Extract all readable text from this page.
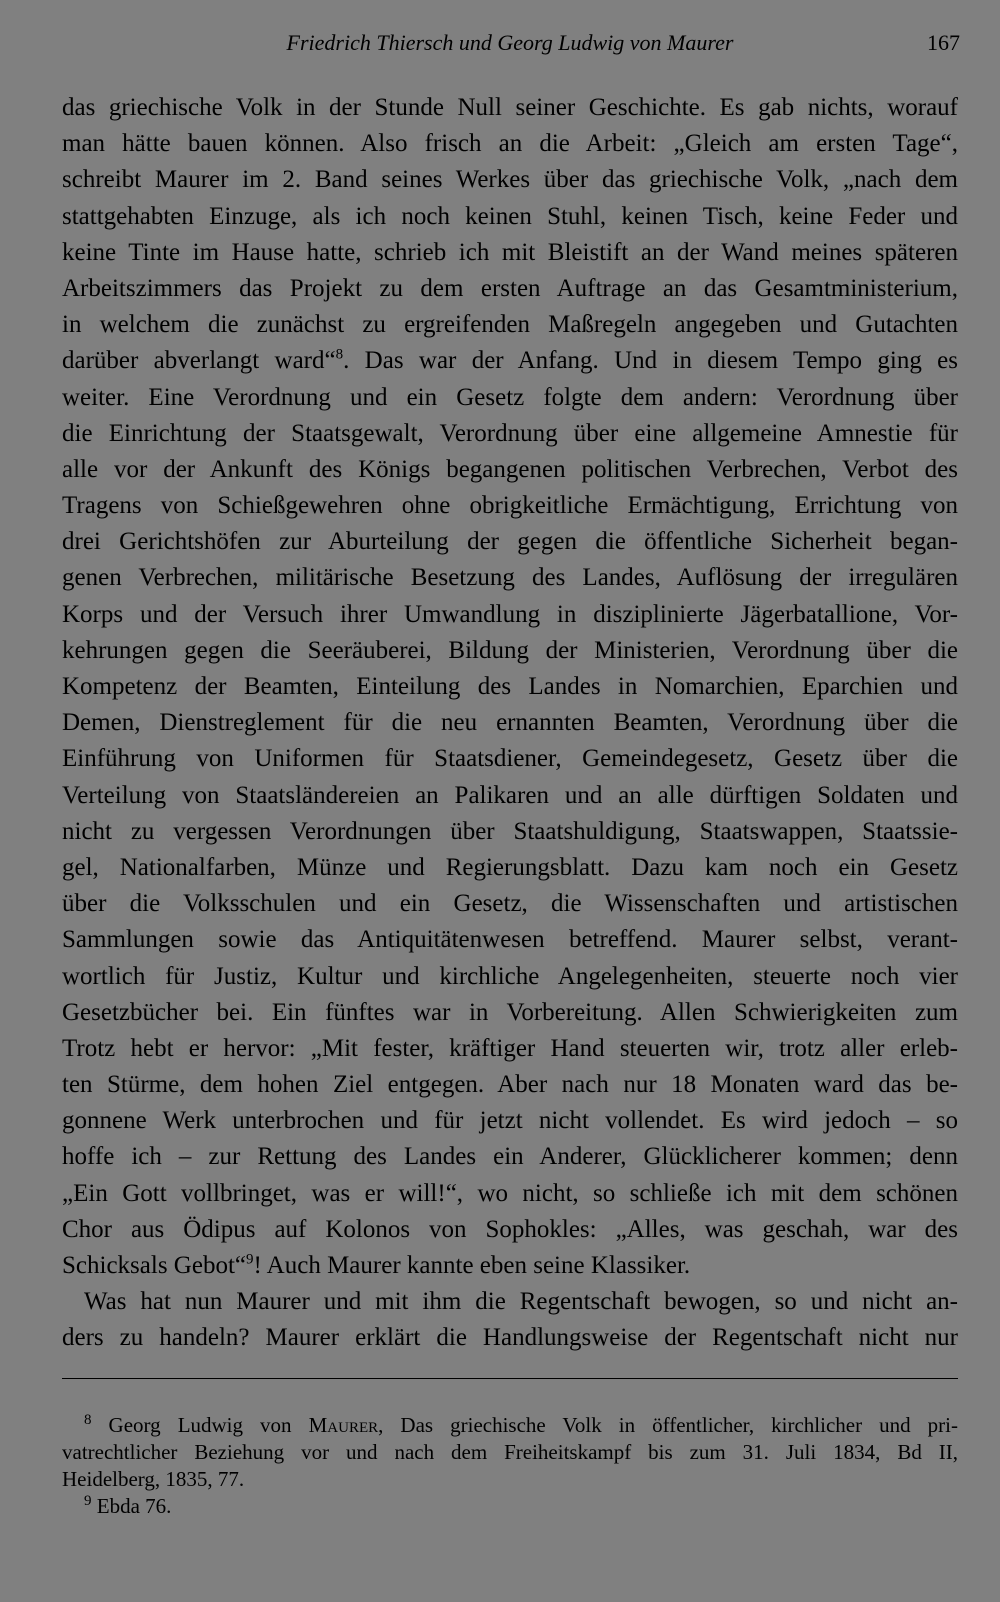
Friedrich Thiersch und Georg Ludwig von Maurer	167
das griechische Volk in der Stunde Null seiner Geschichte. Es gab nichts, worauf
man hätte bauen können. Also frisch an die Arbeit: „Gleich am ersten Tage“,
schreibt Maurer im 2. Band seines Werkes über das griechische Volk, „nach dem
stattgehabten Einzuge, als ich noch keinen Stuhl, keinen Tisch, keine Feder und
keine Tinte im Hause hatte, schrieb ich mit Bleistift an der Wand meines späteren
Arbeitszimmers das Projekt zu dem ersten Auftrage an das Gesamtministerium,
in welchem die zunächst zu ergreifenden Maßregeln angegeben und Gutachten
darüber abverlangt ward“$^8$. Das war der Anfang. Und in diesem Tempo ging es
weiter. Eine Verordnung und ein Gesetz folgte dem andern: Verordnung über
die Einrichtung der Staatsgewalt, Verordnung über eine allgemeine Amnestie für
alle vor der Ankunft des Königs begangenen politischen Verbrechen, Verbot des
Tragens von Schießgewehren ohne obrigkeitliche Ermächtigung, Errichtung von
drei Gerichtshöfen zur Aburteilung der gegen die öffentliche Sicherheit began-
genen Verbrechen, militärische Besetzung des Landes, Auflösung der irregulären
Korps und der Versuch ihrer Umwandlung in disziplinierte Jägerbatallione, Vor-
kehrungen gegen die Seeräuberei, Bildung der Ministerien, Verordnung über die
Kompetenz der Beamten, Einteilung des Landes in Nomarchien, Eparchien und
Demen, Dienstreglement für die neu ernannten Beamten, Verordnung über die
Einführung von Uniformen für Staatsdiener, Gemeindegesetz, Gesetz über die
Verteilung von Staatsländereien an Palikaren und an alle dürftigen Soldaten und
nicht zu vergessen Verordnungen über Staatshuldigung, Staatswappen, Staatssie-
gel, Nationalfarben, Münze und Regierungsblatt. Dazu kam noch ein Gesetz
über die Volksschulen und ein Gesetz, die Wissenschaften und artistischen
Sammlungen sowie das Antiquitätenwesen betreffend. Maurer selbst, verant-
wortlich für Justiz, Kultur und kirchliche Angelegenheiten, steuerte noch vier
Gesetzbücher bei. Ein fünftes war in Vorbereitung. Allen Schwierigkeiten zum
Trotz hebt er hervor: „Mit fester, kräftiger Hand steuerten wir, trotz aller erleb-
ten Stürme, dem hohen Ziel entgegen. Aber nach nur 18 Monaten ward das be-
gonnene Werk unterbrochen und für jetzt nicht vollendet. Es wird jedoch – so
hoffe ich – zur Rettung des Landes ein Anderer, Glücklicherer kommen; denn
„Ein Gott vollbringet, was er will!“, wo nicht, so schließe ich mit dem schönen
Chor aus Ödipus auf Kolonos von Sophokles: „Alles, was geschah, war des
Schicksals Gebot“$^9$! Auch Maurer kannte eben seine Klassiker.
Was hat nun Maurer und mit ihm die Regentschaft bewogen, so und nicht an-
ders zu handeln? Maurer erklärt die Handlungsweise der Regentschaft nicht nur
$^8$ Georg Ludwig von Maurer, Das griechische Volk in öffentlicher, kirchlicher und pri-
vatrechtlicher Beziehung vor und nach dem Freiheitskampf bis zum 31. Juli 1834, Bd II,
Heidelberg, 1835, 77.
$^9$ Ebda 76.
